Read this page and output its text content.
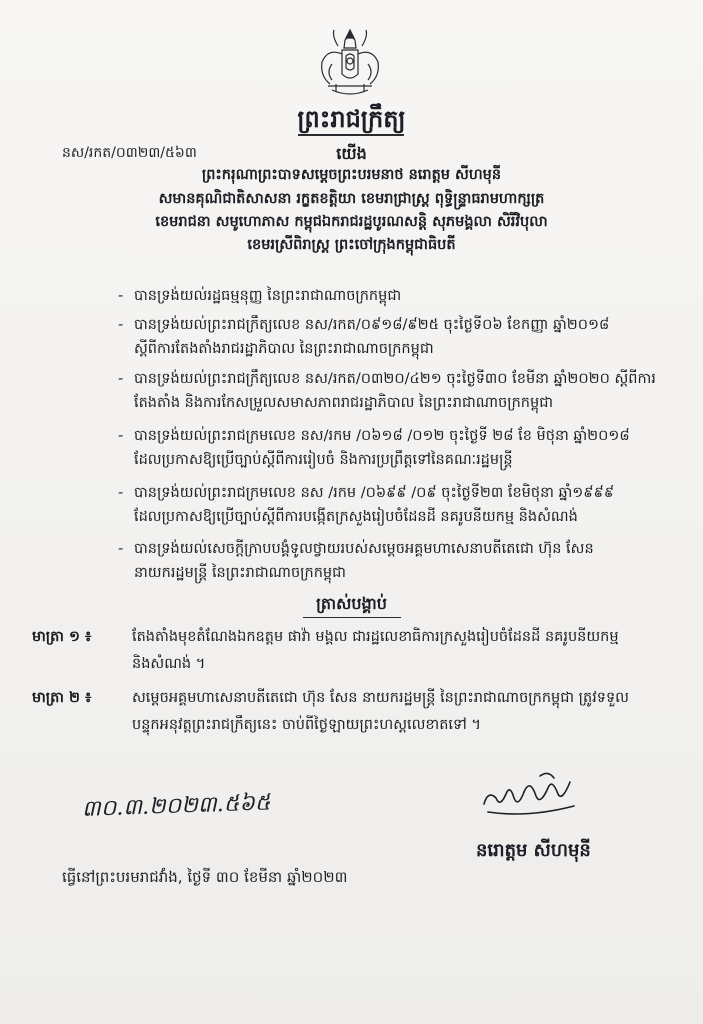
ព្រះរាជក្រឹត្យ
នស/រកត/០៣២៣/៥៦៣	យើង
ព្រះករុណាព្រះបាទសម្តេចព្រះបរមនាថ នរោត្តម សីហមុនី
សមានគុណិជាតិសាសនា រក្ខតខត្តិយា ខេមរាជ្រាស្ត្រ ពុទ្ធិន្ទ្រាធរាមហាក្សត្រ
ខេមរាជនា សមូហោភាស កម្ពុជឯករាជរដ្ឋបូរណសន្តិ សុភមង្គលា សិរីវិបុលា
ខេមរស្រីពិរាស្ត្រ ព្រះចៅក្រុងកម្ពុជាធិបតី
- បានទ្រង់យល់រដ្ឋធម្មនុញ្ញ នៃព្រះរាជាណាចក្រកម្ពុជា
- បានទ្រង់យល់ព្រះរាជក្រឹត្យលេខ នស/រកត/០៩១៨/៩២៥ ចុះថ្ងៃទី០៦ ខែកញ្ញា ឆ្នាំ២០១៨
ស្តីពីការតែងតាំងរាជរដ្ឋាភិបាល នៃព្រះរាជាណាចក្រកម្ពុជា
- បានទ្រង់យល់ព្រះរាជក្រឹត្យលេខ នស/រកត/០៣២០/៤២១ ចុះថ្ងៃទី៣០ ខែមីនា ឆ្នាំ២០២០ ស្តីពីការ
តែងតាំង និងការកែសម្រួលសមាសភាពរាជរដ្ឋាភិបាល នៃព្រះរាជាណាចក្រកម្ពុជា
- បានទ្រង់យល់ព្រះរាជក្រមលេខ នស/រកម /០៦១៨ /០១២ ចុះថ្ងៃទី ២៨ ខែ មិថុនា ឆ្នាំ២០១៨
ដែលប្រកាសឱ្យប្រើច្បាប់ស្តីពីការរៀបចំ និងការប្រព្រឹត្តទៅនៃគណៈរដ្ឋមន្ត្រី
- បានទ្រង់យល់ព្រះរាជក្រមលេខ នស /រកម /០៦៩៩ /០៩ ចុះថ្ងៃទី២៣ ខែមិថុនា ឆ្នាំ១៩៩៩
ដែលប្រកាសឱ្យប្រើច្បាប់ស្តីពីការបង្កើតក្រសួងរៀបចំដែនដី នគរូបនីយកម្ម និងសំណង់
- បានទ្រង់យល់សេចក្តីក្រាបបង្គំទូលថ្វាយរបស់សម្តេចអគ្គមហាសេនាបតីតេជោ ហ៊ុន សែន
នាយករដ្ឋមន្ត្រី នៃព្រះរាជាណាចក្រកម្ពុជា
ត្រាស់បង្គាប់
មាត្រា ១ ៖	តែងតាំងមុខតំណែងឯកឧត្តម ផាវ៉ា មង្គល ជារដ្ឋលេខាធិការក្រសួងរៀបចំដែនដី នគរូបនីយកម្ម
និងសំណង់ ។
មាត្រា ២ ៖	សម្តេចអគ្គមហាសេនាបតីតេជោ ហ៊ុន សែន នាយករដ្ឋមន្ត្រី នៃព្រះរាជាណាចក្រកម្ពុជា ត្រូវទទួល
បន្ទុកអនុវត្តព្រះរាជក្រឹត្យនេះ ចាប់ពីថ្ងៃឡាយព្រះហស្តលេខាតទៅ ។
៣០.៣.២០២៣.៥៦៥
នរោត្តម សីហមុនី
ធ្វើនៅព្រះបរមរាជវាំង, ថ្ងៃទី ៣០ ខែមីនា ឆ្នាំ២០២៣
